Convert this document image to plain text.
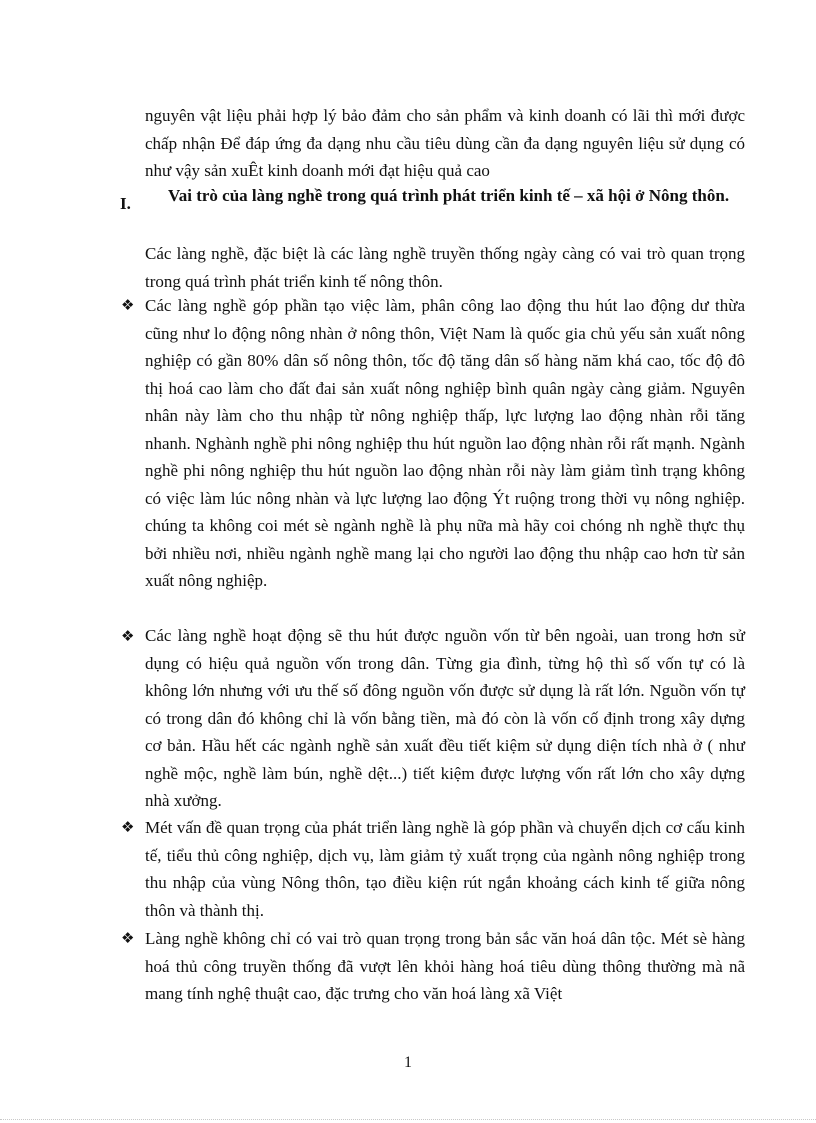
nguyên vật liệu phải hợp lý bảo đảm cho sản phẩm và kinh doanh có lãi thì mới được chấp nhận Để đáp ứng đa dạng nhu cầu tiêu dùng cần đa dạng nguyên liệu sử dụng có như vậy sản xuÊt kinh doanh mới đạt hiệu quả cao

I. Vai trò của làng nghề trong quá trình phát triển kinh tế – xã hội ở Nông thôn.

Các làng nghề, đặc biệt là các làng nghề truyền thống ngày càng có vai trò quan trọng trong quá trình phát triển kinh tế nông thôn.

❖ Các làng nghề góp phần tạo việc làm, phân công lao động thu hút lao động dư thừa cũng như lo động nông nhàn ở nông thôn, Việt Nam là quốc gia chủ yếu sản xuất nông nghiệp có gần 80% dân số nông thôn, tốc độ tăng dân số hàng năm khá cao, tốc độ đô thị hoá cao làm cho đất đai sản xuất nông nghiệp bình quân ngày càng giảm. Nguyên nhân này làm cho thu nhập từ nông nghiệp thấp, lực lượng lao động nhàn rỗi tăng nhanh. Nghành nghề phi nông nghiệp thu hút nguồn lao động nhàn rỗi rất mạnh. Ngành nghề phi nông nghiệp thu hút nguồn lao động nhàn rỗi này làm giảm tình trạng không có việc làm lúc nông nhàn và lực lượng lao động Ýt ruộng trong thời vụ nông nghiệp. chúng ta không coi mét sè ngành nghề là phụ nữa mà hãy coi chóng nh nghề thực thụ bởi nhiều nơi, nhiều ngành nghề mang lại cho người lao động thu nhập cao hơn từ sản xuất nông nghiệp.

❖ Các làng nghề hoạt động sẽ thu hút được nguồn vốn từ bên ngoài, uan trong hơn sử dụng có hiệu quả nguồn vốn trong dân. Từng gia đình, từng hộ thì số vốn tự có là không lớn nhưng với ưu thế số đông nguồn vốn được sử dụng là rất lớn. Nguồn vốn tự có trong dân đó không chỉ là vốn bằng tiền, mà đó còn là vốn cố định trong xây dựng cơ bản. Hầu hết các ngành nghề sản xuất đều tiết kiệm sử dụng diện tích nhà ở ( như nghề mộc, nghề làm bún, nghề dệt...) tiết kiệm được lượng vốn rất lớn cho xây dựng nhà xưởng.

❖ Mét vấn đề quan trọng của phát triển làng nghề là góp phần và chuyển dịch cơ cấu kinh tế, tiểu thủ công nghiệp, dịch vụ, làm giảm tỷ xuất trọng của ngành nông nghiệp trong thu nhập của vùng Nông thôn, tạo điều kiện rút ngắn khoảng cách kinh tế giữa nông thôn và thành thị.

❖ Làng nghề không chỉ có vai trò quan trọng trong bản sắc văn hoá dân tộc. Mét sè hàng hoá thủ công truyền thống đã vượt lên khỏi hàng hoá tiêu dùng thông thường mà nã mang tính nghệ thuật cao, đặc trưng cho văn hoá làng xã Việt

1
